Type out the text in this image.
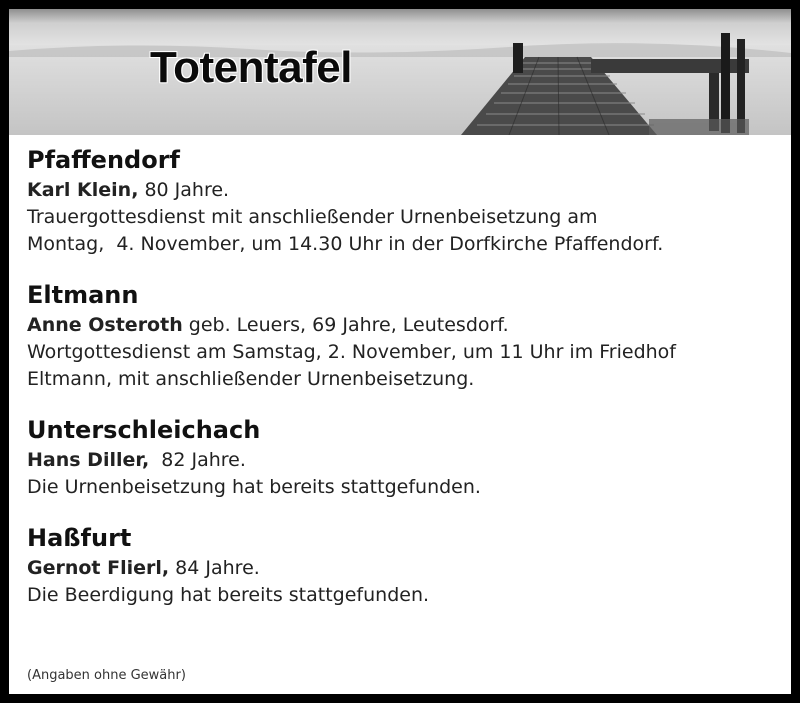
Totentafel
Pfaffendorf
Karl Klein, 80 Jahre.
Trauergottesdienst mit anschließender Urnenbeisetzung am
Montag,  4. November, um 14.30 Uhr in der Dorfkirche Pfaffendorf.
Eltmann
Anne Osteroth geb. Leuers, 69 Jahre, Leutesdorf.
Wortgottesdienst am Samstag, 2. November, um 11 Uhr im Friedhof
Eltmann, mit anschließender Urnenbeisetzung.
Unterschleichach
Hans Diller,  82 Jahre.
Die Urnenbeisetzung hat bereits stattgefunden.
Haßfurt
Gernot Flierl, 84 Jahre.
Die Beerdigung hat bereits stattgefunden.
(Angaben ohne Gewähr)
